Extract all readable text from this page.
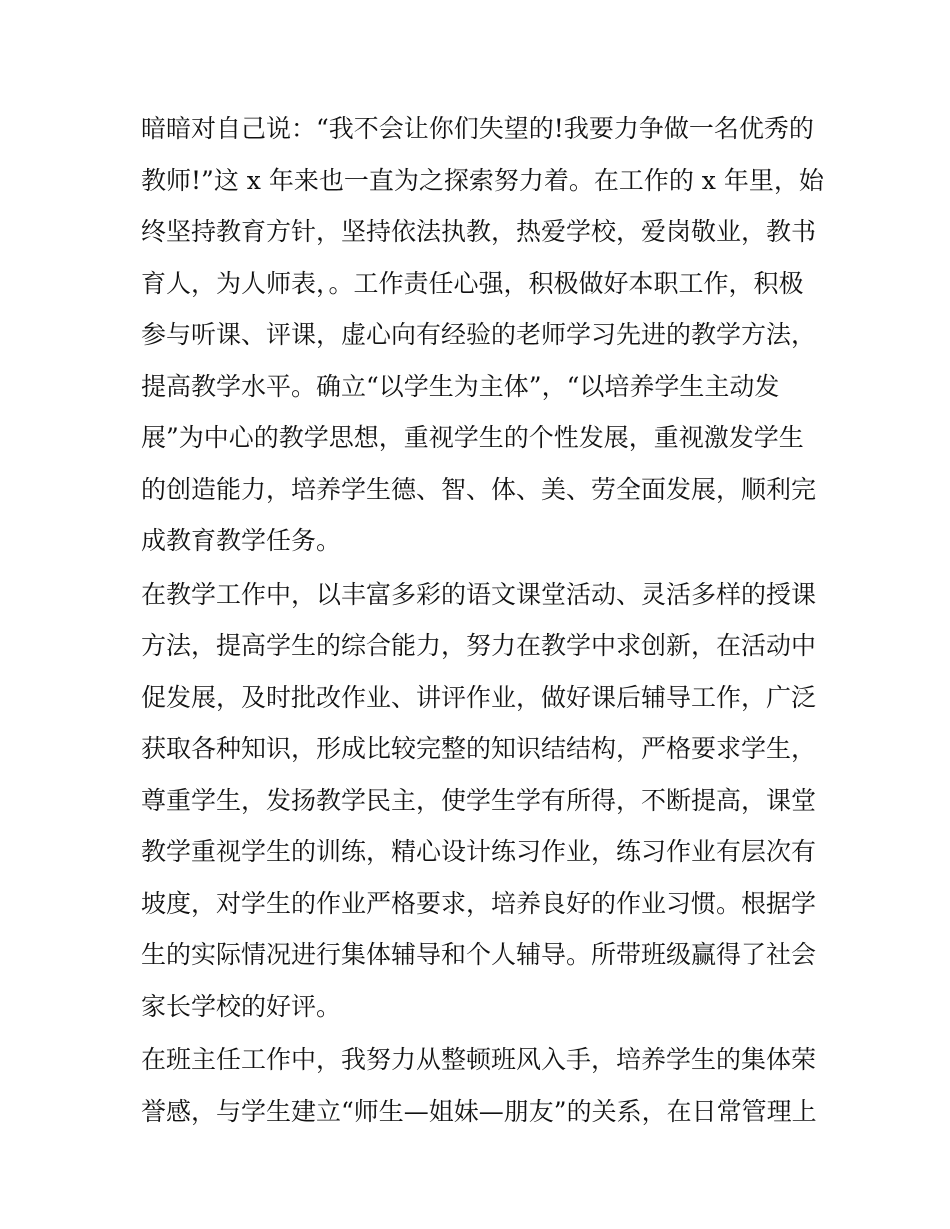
暗暗对自己说：“我不会让你们失望的!我要力争做一名优秀的
教师!”这 x 年来也一直为之探索努力着。在工作的 x 年里，始
终坚持教育方针，坚持依法执教，热爱学校，爱岗敬业，教书
育人，为人师表，。工作责任心强，积极做好本职工作，积极
参与听课、评课，虚心向有经验的老师学习先进的教学方法，
提高教学水平。确立“以学生为主体”，“以培养学生主动发
展”为中心的教学思想，重视学生的个性发展，重视激发学生
的创造能力，培养学生德、智、体、美、劳全面发展，顺利完
成教育教学任务。
在教学工作中，以丰富多彩的语文课堂活动、灵活多样的授课
方法，提高学生的综合能力，努力在教学中求创新，在活动中
促发展，及时批改作业、讲评作业，做好课后辅导工作，广泛
获取各种知识，形成比较完整的知识结结构，严格要求学生，
尊重学生，发扬教学民主，使学生学有所得，不断提高，课堂
教学重视学生的训练，精心设计练习作业，练习作业有层次有
坡度，对学生的作业严格要求，培养良好的作业习惯。根据学
生的实际情况进行集体辅导和个人辅导。所带班级赢得了社会
家长学校的好评。
在班主任工作中，我努力从整顿班风入手，培养学生的集体荣
誉感，与学生建立“师生—姐妹—朋友”的关系，在日常管理上
